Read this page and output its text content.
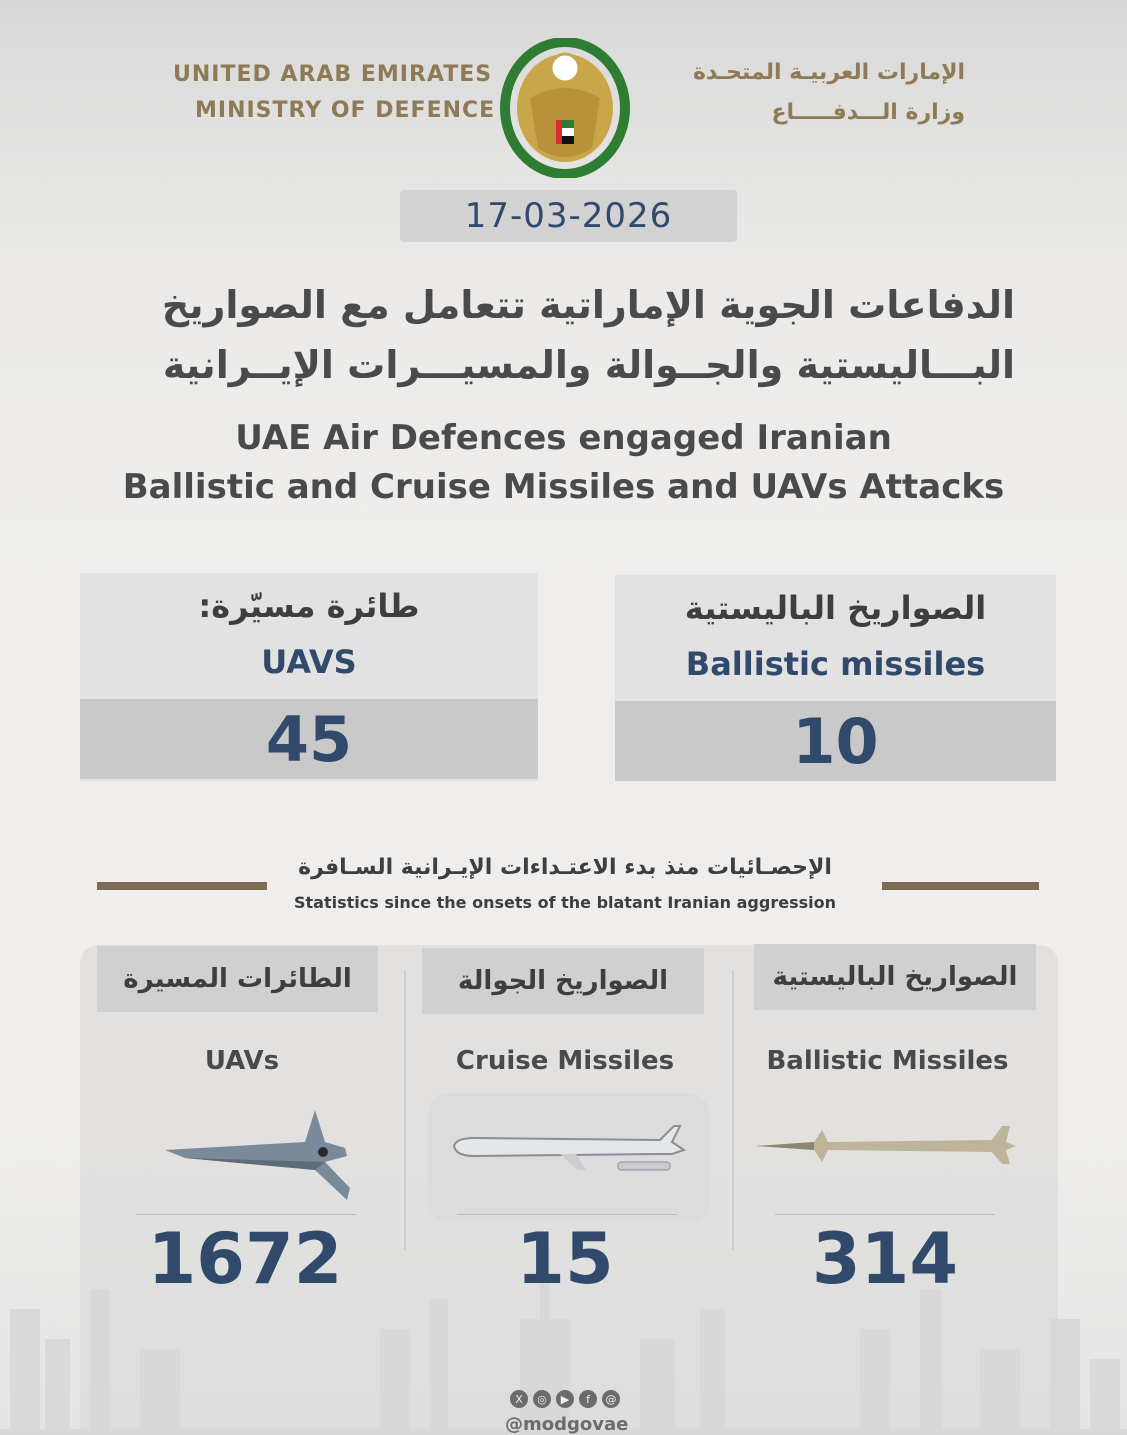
UNITED ARAB EMIRATES
MINISTRY OF DEFENCE
الإمارات العربيـة المتحـدة
وزارة الـــدفـــــاع
17-03-2026
الدفاعات الجوية الإماراتية تتعامل مع الصواريخ
البـــاليستية والجــوالة والمسيـــرات الإيــرانية
UAE Air Defences engaged Iranian
Ballistic and Cruise Missiles and UAVs Attacks
طائرة مسيّرة:
UAVS
45
الصواريخ الباليستية
Ballistic missiles
10
الإحصـائيات منذ بدء الاعتـداءات الإيـرانية السـافرة
Statistics since the onsets of the blatant Iranian aggression
الطائرات المسيرة
UAVs
1672
الصواريخ الجوالة
Cruise Missiles
15
الصواريخ الباليستية
Ballistic Missiles
314
X	◎	▶	f	@
@modgovae
